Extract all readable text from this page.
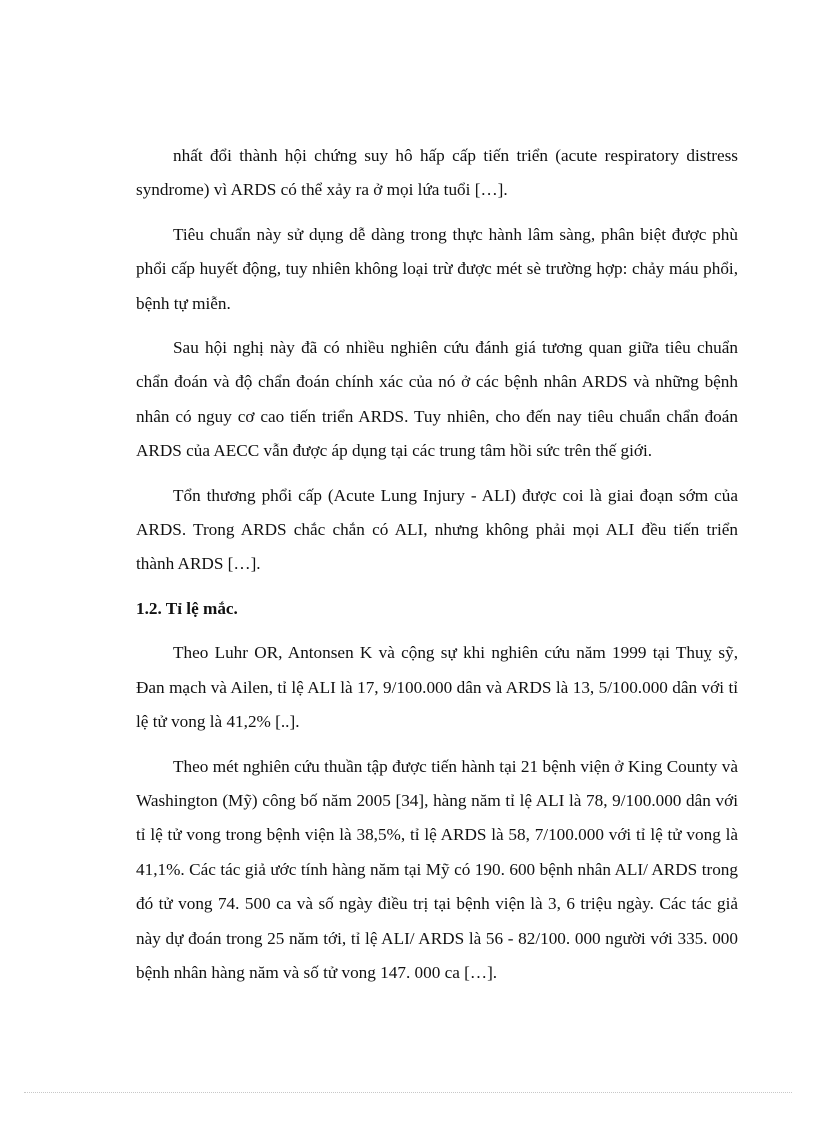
nhất đổi thành hội chứng suy hô hấp cấp tiến triển (acute respiratory distress syndrome) vì ARDS có thể xảy ra ở mọi lứa tuổi […].

Tiêu chuẩn này sử dụng dễ dàng trong thực hành lâm sàng, phân biệt được phù phổi cấp huyết động, tuy nhiên không loại trừ được mét sè trường hợp: chảy máu phổi, bệnh tự miễn.

Sau hội nghị này đã có nhiều nghiên cứu đánh giá tương quan giữa tiêu chuẩn chẩn đoán và độ chẩn đoán chính xác của nó ở các bệnh nhân ARDS và những bệnh nhân có nguy cơ cao tiến triển ARDS. Tuy nhiên, cho đến nay tiêu chuẩn chẩn đoán ARDS của AECC vẫn được áp dụng tại các trung tâm hồi sức trên thế giới.

Tổn thương phổi cấp (Acute Lung Injury - ALI) được coi là giai đoạn sớm của ARDS. Trong ARDS chắc chắn có ALI, nhưng không phải mọi ALI đều tiến triển thành ARDS […].

1.2. Tỉ lệ mắc.

Theo Luhr OR, Antonsen K và cộng sự khi nghiên cứu năm 1999 tại Thuỵ sỹ, Đan mạch và Ailen, tỉ lệ ALI là 17, 9/100.000 dân và ARDS là 13, 5/100.000 dân với tỉ lệ tử vong là 41,2% [..].

Theo mét nghiên cứu thuần tập được tiến hành tại 21 bệnh viện ở King County và Washington (Mỹ) công bố năm 2005 [34], hàng năm tỉ lệ ALI là 78, 9/100.000 dân với tỉ lệ tử vong trong bệnh viện là 38,5%, tỉ lệ ARDS là 58, 7/100.000 với tỉ lệ tử vong là 41,1%. Các tác giả ước tính hàng năm tại Mỹ có 190. 600 bệnh nhân ALI/ ARDS trong đó tử vong 74. 500 ca và số ngày điều trị tại bệnh viện là 3, 6 triệu ngày. Các tác giả này dự đoán trong 25 năm tới, tỉ lệ ALI/ ARDS là 56 - 82/100. 000 người với 335. 000 bệnh nhân hàng năm và số tử vong 147. 000 ca […].
